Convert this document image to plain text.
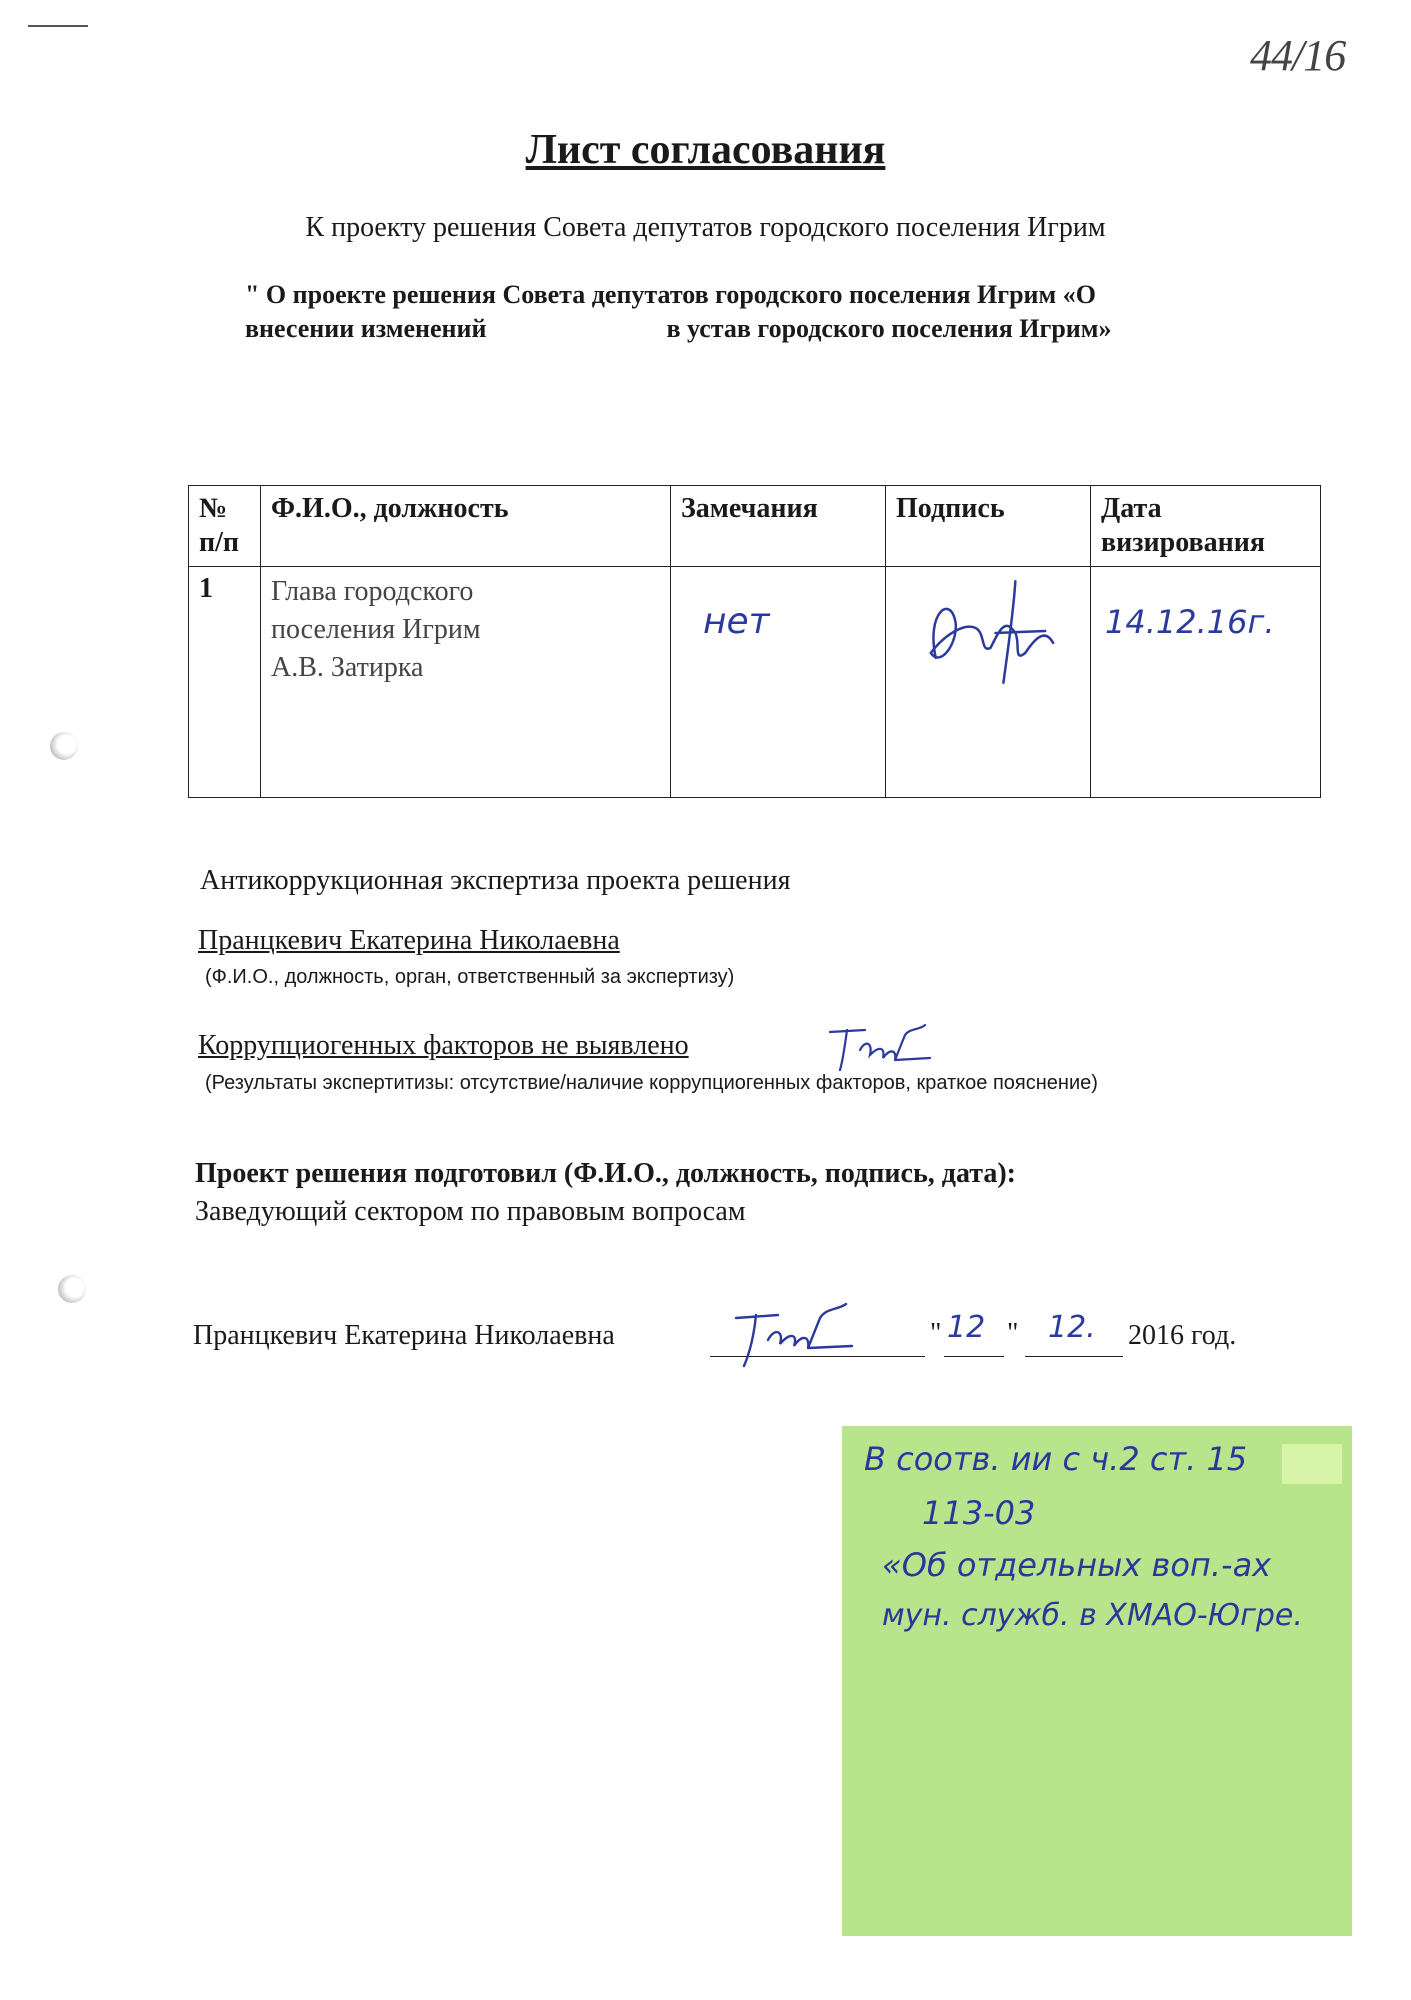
44/16
Лист согласования
К проекту решения Совета депутатов городского поселения Игрим
" О проекте решения Совета депутатов городского поселения Игрим «О
внесении изменений	в устав городского поселения Игрим»
№ п/п	Ф.И.О., должность	Замечания	Подпись	Дата визирования
1	Глава городского
поселения Игрим
А.В. Затирка	нет		14.12.16г.
Антикоррукционная экспертиза проекта решения
Пранцкевич Екатерина Николаевна
(Ф.И.О., должность, орган, ответственный за экспертизу)
Коррупциогенных факторов не выявлено
(Результаты экспертитизы: отсутствие/наличие коррупциогенных факторов, краткое пояснение)
Проект решения подготовил (Ф.И.О., должность, подпись, дата):
Заведующий сектором по правовым вопросам
Пранцкевич Екатерина Николаевна	" 12 " 12. 2016 год.
В соотв. ии с ч.2 ст. 15
113-03
«Об отдельных воп.-ах
мун. служб. в ХМАО-Югре.
